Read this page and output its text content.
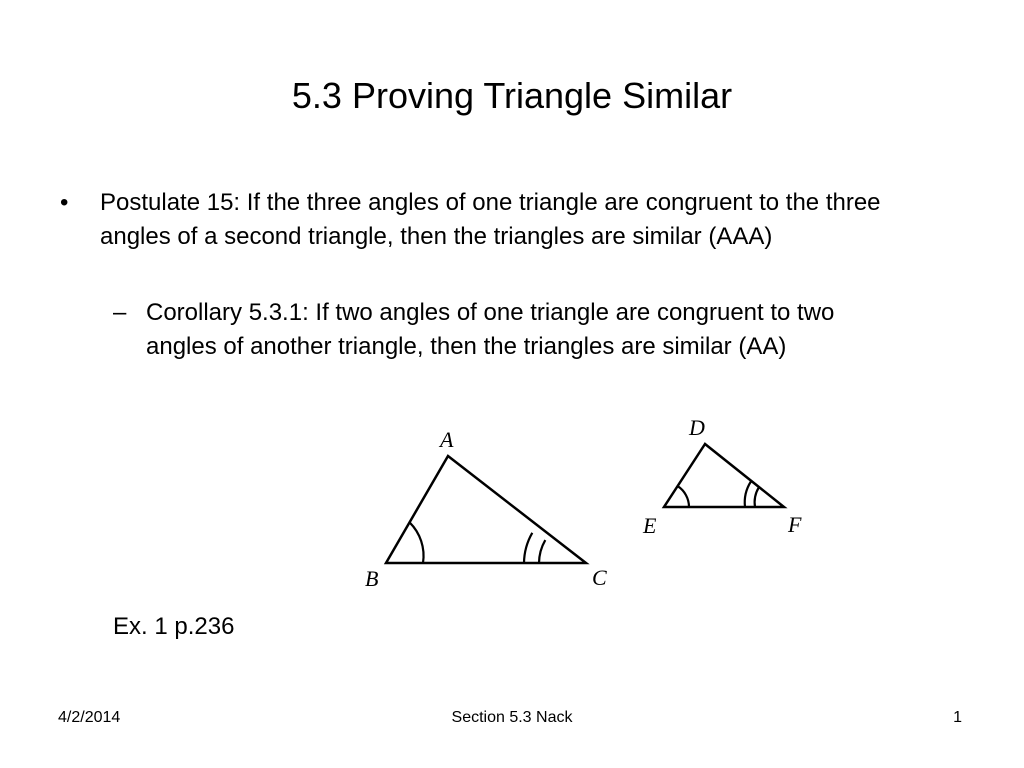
5.3 Proving Triangle Similar
• Postulate 15: If the three angles of one triangle are congruent to the three angles of a second triangle, then the triangles are similar (AAA)
– Corollary 5.3.1: If two angles of one triangle are congruent to two angles of another triangle, then the triangles are similar (AA)
A
B	C
D
E	F
Ex. 1 p.236
4/2/2014	Section 5.3 Nack	1
